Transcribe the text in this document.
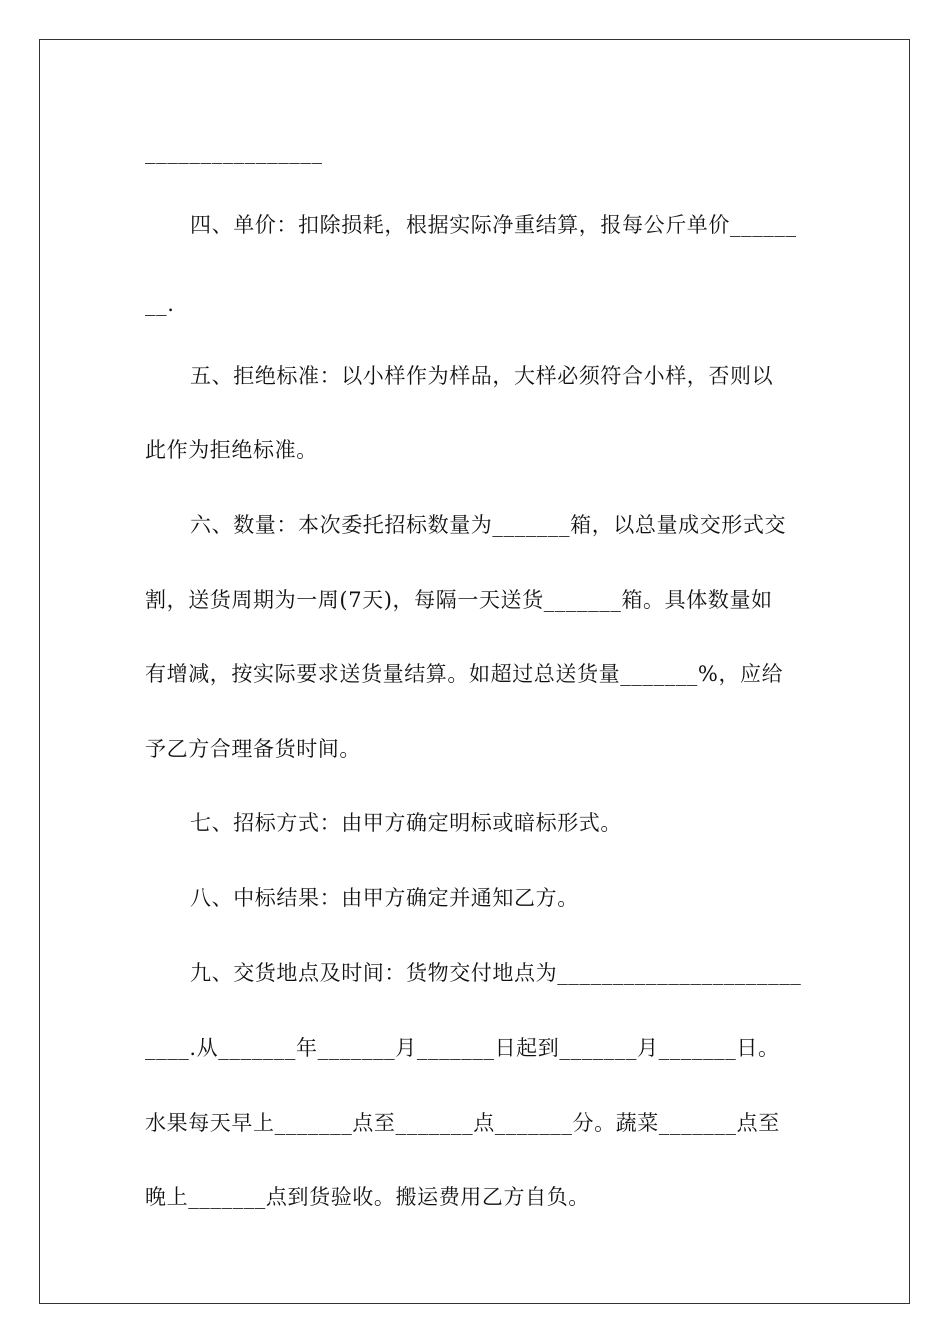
________________
四、单价：扣除损耗，根据实际净重结算，报每公斤单价______
__.
五、拒绝标准：以小样作为样品，大样必须符合小样，否则以
此作为拒绝标准。
六、数量：本次委托招标数量为_______箱，以总量成交形式交
割，送货周期为一周(7天)，每隔一天送货_______箱。具体数量如
有增减，按实际要求送货量结算。如超过总送货量_______%，应给
予乙方合理备货时间。
七、招标方式：由甲方确定明标或暗标形式。
八、中标结果：由甲方确定并通知乙方。
九、交货地点及时间：货物交付地点为______________________
____.从_______年_______月_______日起到_______月_______日。
水果每天早上_______点至_______点_______分。蔬菜_______点至
晚上_______点到货验收。搬运费用乙方自负。
